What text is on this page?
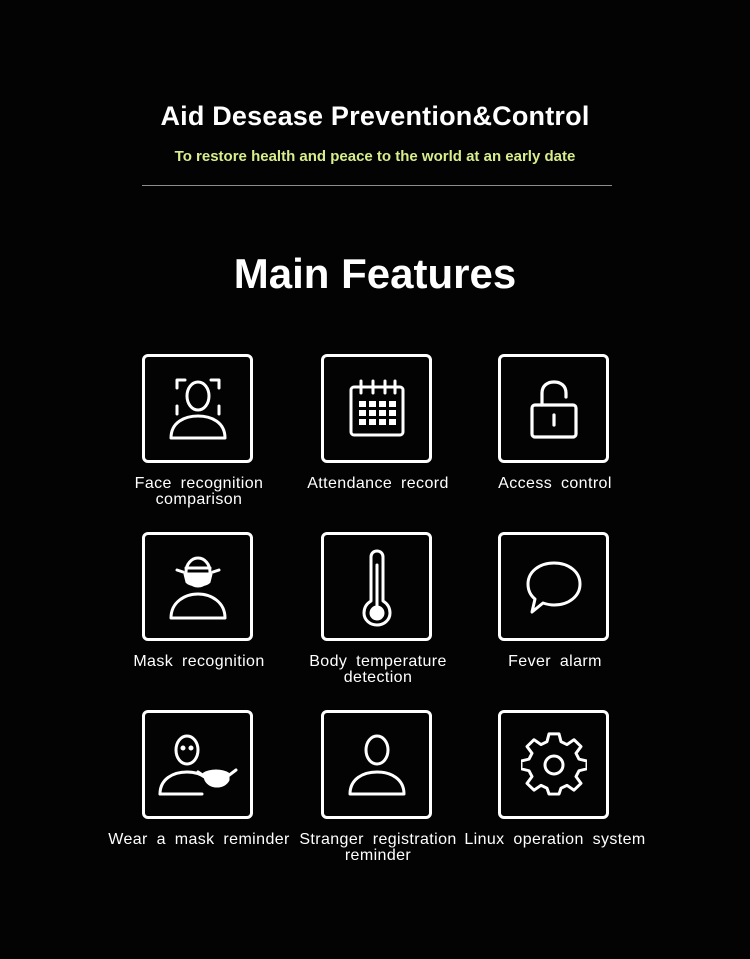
Aid Desease Prevention&Control
To restore health and peace to the world at an early date
Main Features
Face recognition comparison
Attendance record	Access control
Mask recognition	Body temperature detection
Fever alarm
Wear a mask reminder Stranger registration reminder
Linux operation system
